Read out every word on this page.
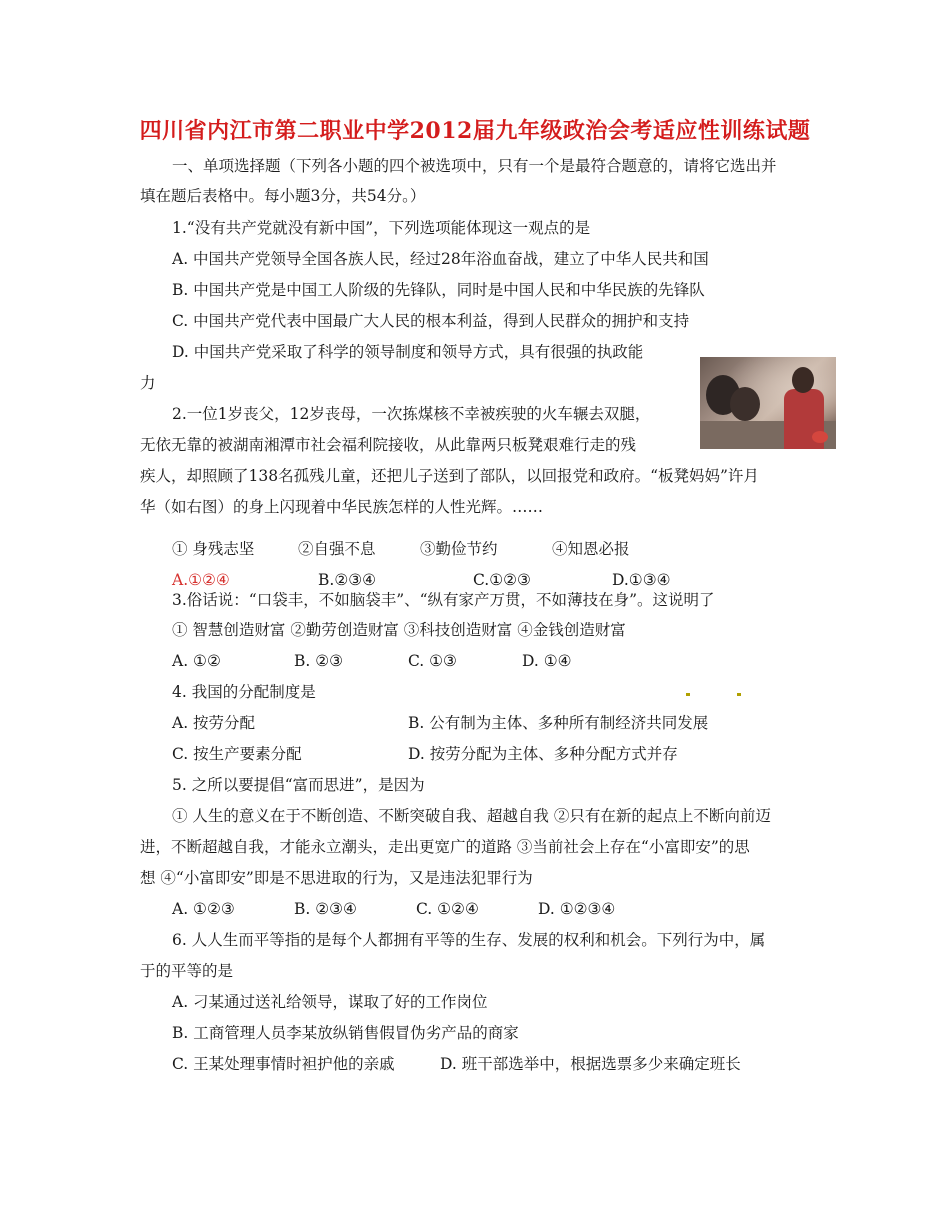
四川省内江市第二职业中学2012届九年级政治会考适应性训练试题
一、单项选择题（下列各小题的四个被选项中，只有一个是最符合题意的，请将它选出并
填在题后表格中。每小题3分，共54分。）
1.“没有共产党就没有新中国”，下列选项能体现这一观点的是
A. 中国共产党领导全国各族人民，经过28年浴血奋战，建立了中华人民共和国
B. 中国共产党是中国工人阶级的先锋队，同时是中国人民和中华民族的先锋队
C. 中国共产党代表中国最广大人民的根本利益，得到人民群众的拥护和支持
D. 中国共产党采取了科学的领导制度和领导方式，具有很强的执政能
力
2.一位1岁丧父，12岁丧母，一次拣煤核不幸被疾驶的火车辗去双腿，
无依无靠的被湖南湘潭市社会福利院接收，从此靠两只板凳艰难行走的残
疾人，却照顾了138名孤残儿童，还把儿子送到了部队，以回报党和政府。“板凳妈妈”许月
华（如右图）的身上闪现着中华民族怎样的人性光辉。……
① 身残志坚	②自强不息	③勤俭节约	④知恩必报
A.①②④	B.②③④	C.①②③	D.①③④
3.俗话说：“口袋丰，不如脑袋丰”、“纵有家产万贯，不如薄技在身”。这说明了
① 智慧创造财富 ②勤劳创造财富 ③科技创造财富 ④金钱创造财富
A. ①②	B. ②③	C. ①③	D. ①④
4. 我国的分配制度是
A. 按劳分配	B. 公有制为主体、多种所有制经济共同发展
C. 按生产要素分配	D. 按劳分配为主体、多种分配方式并存
5. 之所以要提倡“富而思进”，是因为
① 人生的意义在于不断创造、不断突破自我、超越自我 ②只有在新的起点上不断向前迈
进，不断超越自我，才能永立潮头，走出更宽广的道路 ③当前社会上存在“小富即安”的思
想 ④“小富即安”即是不思进取的行为，又是违法犯罪行为
A. ①②③	B. ②③④	C. ①②④	D. ①②③④
6. 人人生而平等指的是每个人都拥有平等的生存、发展的权利和机会。下列行为中，属
于的平等的是
A. 刁某通过送礼给领导，谋取了好的工作岗位
B. 工商管理人员李某放纵销售假冒伪劣产品的商家
C. 王某处理事情时袒护他的亲戚	D. 班干部选举中，根据选票多少来确定班长
